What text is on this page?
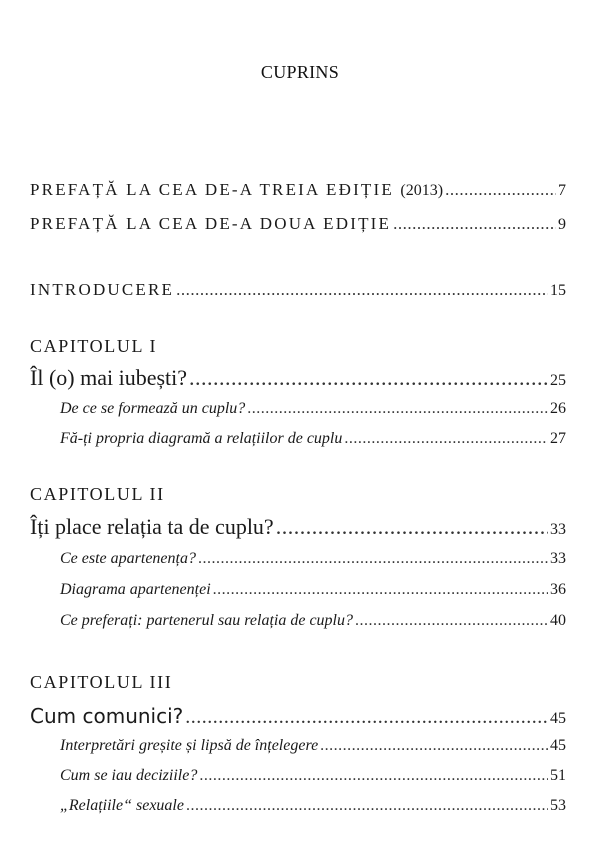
CUPRINS
PREFAȚĂ LA CEA DE-A TREIA EÐIȚIE (2013) .....	7
PREFAȚĂ LA CEA DE-A DOUA EDIȚIE .....	9
INTRODUCERE .....	15
CAPITOLUL I
Îl (o) mai iubești? .....	25
De ce se formează un cuplu? .....	26
Fă-ți propria diagramă a relațiilor de cuplu .....	27
CAPITOLUL II
Îți place relația ta de cuplu? .....	33
Ce este apartenența? .....	33
Diagrama apartenenței .....	36
Ce preferați: partenerul sau relația de cuplu? .....	40
CAPITOLUL III
Cum comunici? .....	45
Interpretări greșite și lipsă de înțelegere .....	45
Cum se iau deciziile? .....	51
„Relațiile“ sexuale .....	53
